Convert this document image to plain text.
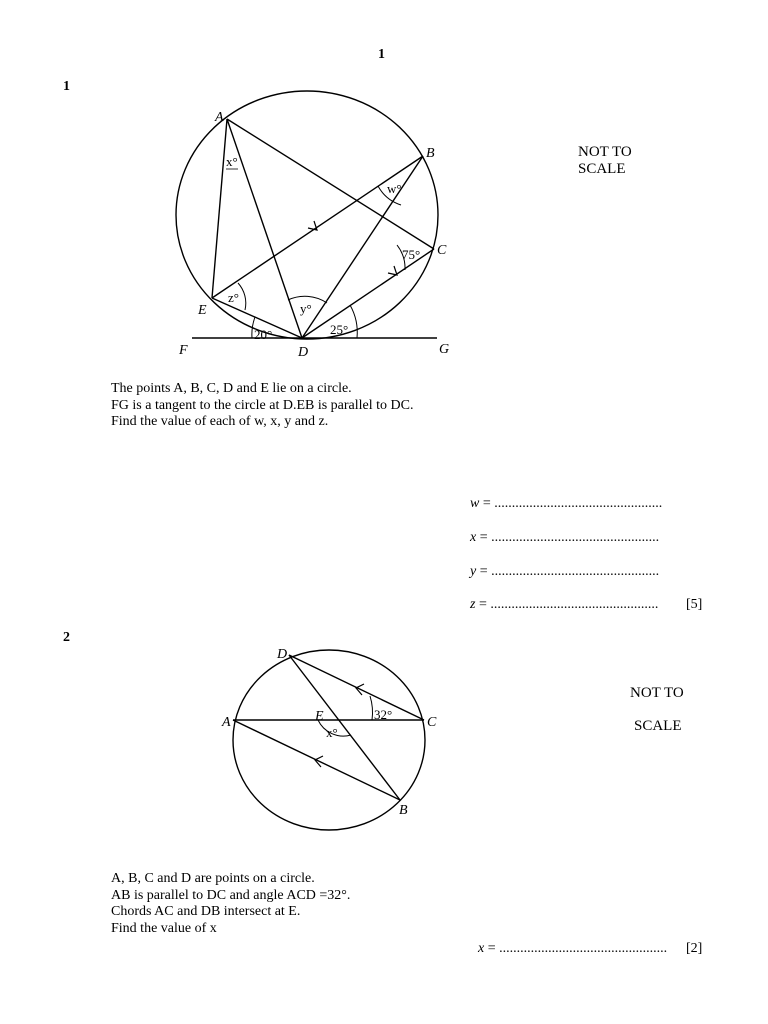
1
1
A
B
C
D
E
F	G
x°
w°
75°
z°
y°
20°	25°
NOT TO
SCALE
The points A, B, C, D and E lie on a circle.
FG is a tangent to the circle at D.EB is parallel to DC.
Find the value of each of w, x, y and z.
w = ................................................
x = ................................................
y = ................................................
z = ................................................ [5]
2
D
A	E	C
B
32°
x°
NOT TO
SCALE
A, B, C and D are points on a circle.
AB is parallel to DC and angle ACD =32°.
Chords AC and DB intersect at E.
Find the value of x
x = ................................................ [2]
